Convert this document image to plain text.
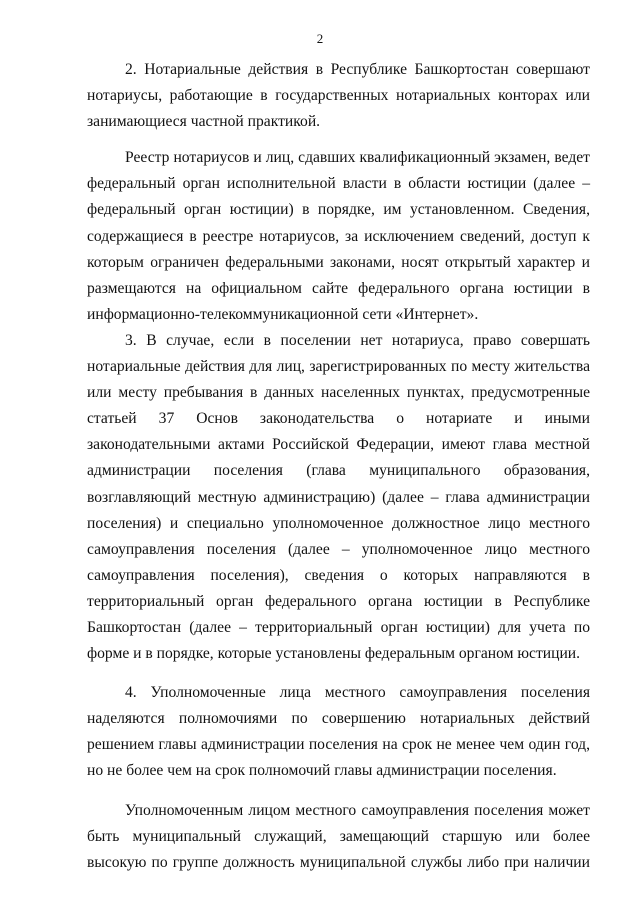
2

2. Нотариальные действия в Республике Башкортостан совершают нотариусы, работающие в государственных нотариальных конторах или занимающиеся частной практикой.

Реестр нотариусов и лиц, сдавших квалификационный экзамен, ведет федеральный орган исполнительной власти в области юстиции (далее – федеральный орган юстиции) в порядке, им установленном. Сведения, содержащиеся в реестре нотариусов, за исключением сведений, доступ к которым ограничен федеральными законами, носят открытый характер и размещаются на официальном сайте федерального органа юстиции в информационно-телекоммуникационной сети «Интернет».

3. В случае, если в поселении нет нотариуса, право совершать нотариальные действия для лиц, зарегистрированных по месту жительства или месту пребывания в данных населенных пунктах, предусмотренные статьей 37 Основ законодательства о нотариате и иными законодательными актами Российской Федерации, имеют глава местной администрации поселения (глава муниципального образования, возглавляющий местную администрацию) (далее – глава администрации поселения) и специально уполномоченное должностное лицо местного самоуправления поселения (далее – уполномоченное лицо местного самоуправления поселения), сведения о которых направляются в территориальный орган федерального органа юстиции в Республике Башкортостан (далее – территориальный орган юстиции) для учета по форме и в порядке, которые установлены федеральным органом юстиции.

4. Уполномоченные лица местного самоуправления поселения наделяются полномочиями по совершению нотариальных действий решением главы администрации поселения на срок не менее чем один год, но не более чем на срок полномочий главы администрации поселения.

Уполномоченным лицом местного самоуправления поселения может быть муниципальный служащий, замещающий старшую или более высокую по группе должность муниципальной службы либо при наличии
